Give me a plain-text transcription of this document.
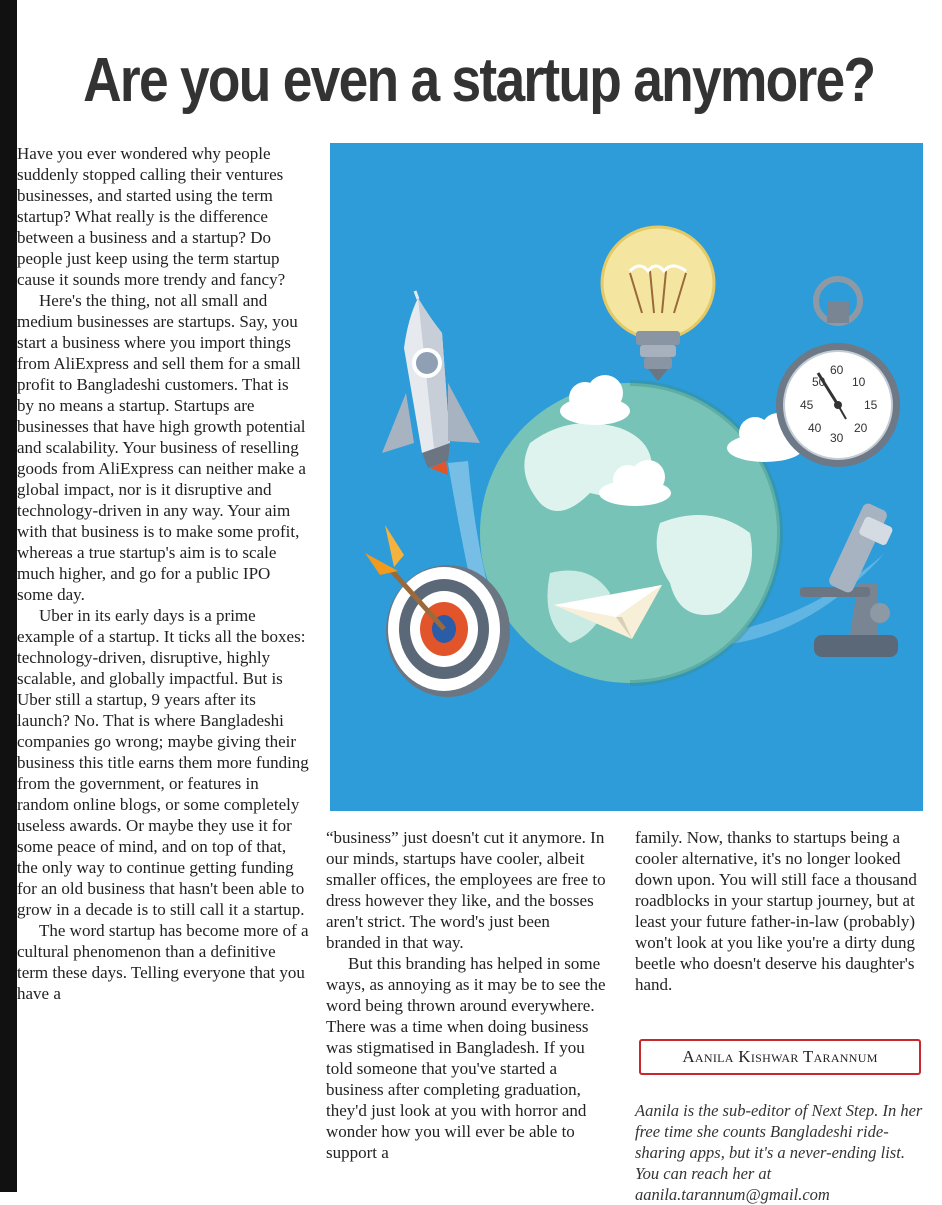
Are you even a startup anymore?

Have you ever wondered why people suddenly stopped calling their ventures businesses, and started using the term startup? What really is the difference between a business and a startup? Do people just keep using the term startup cause it sounds more trendy and fancy?

Here's the thing, not all small and medium businesses are startups. Say, you start a business where you import things from AliExpress and sell them for a small profit to Bangladeshi customers. That is by no means a startup. Startups are businesses that have high growth potential and scalability. Your business of reselling goods from AliExpress can neither make a global impact, nor is it disruptive and technology-driven in any way. Your aim with that business is to make some profit, whereas a true startup's aim is to scale much higher, and go for a public IPO some day.

Uber in its early days is a prime example of a startup. It ticks all the boxes: technology-driven, disruptive, highly scalable, and globally impactful. But is Uber still a startup, 9 years after its launch? No. That is where Bangladeshi companies go wrong; maybe giving their business this title earns them more funding from the government, or features in random online blogs, or some completely useless awards. Or maybe they use it for some peace of mind, and on top of that, the only way to continue getting funding for an old business that hasn't been able to grow in a decade is to still call it a startup.

The word startup has become more of a cultural phenomenon than a definitive term these days. Telling everyone that you have a

50
60
10
45	15
40
30
20

“business” just doesn't cut it anymore. In our minds, startups have cooler, albeit smaller offices, the employees are free to dress however they like, and the bosses aren't strict. The word's just been branded in that way.

But this branding has helped in some ways, as annoying as it may be to see the word being thrown around everywhere. There was a time when doing business was stigmatised in Bangladesh. If you told someone that you've started a business after completing graduation, they'd just look at you with horror and wonder how you will ever be able to support a

family. Now, thanks to startups being a cooler alternative, it's no longer looked down upon. You will still face a thousand roadblocks in your startup journey, but at least your future father-in-law (probably) won't look at you like you're a dirty dung beetle who doesn't deserve his daughter's hand.

Aanila Kishwar Tarannum

Aanila is the sub-editor of Next Step. In her free time she counts Bangladeshi ride-sharing apps, but it's a never-ending list. You can reach her at aanila.tarannum@gmail.com
